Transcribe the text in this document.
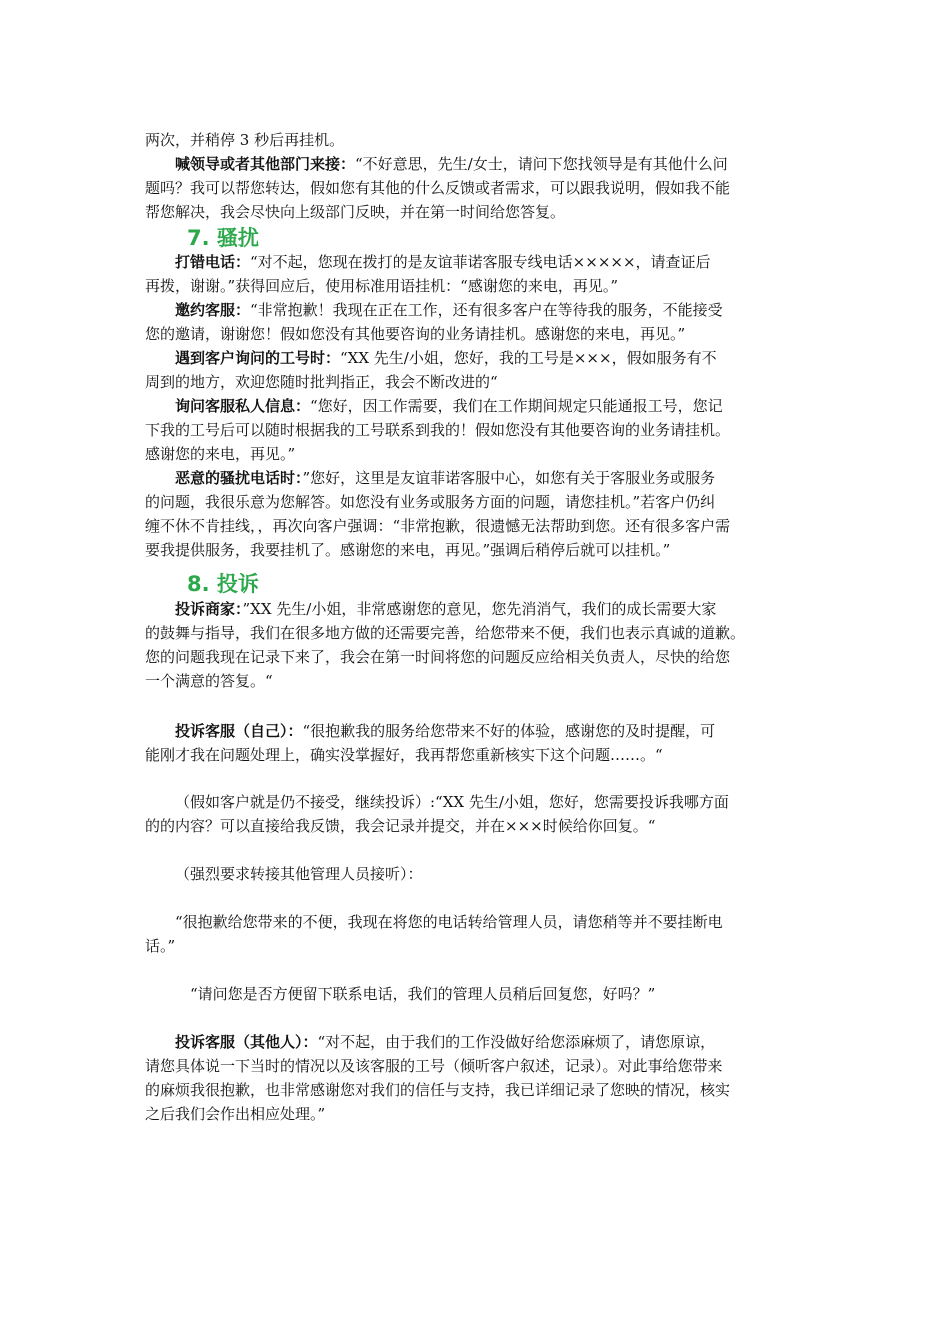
两次，并稍停 3 秒后再挂机。

喊领导或者其他部门来接：“不好意思，先生/女士，请问下您找领导是有其他什么问

题吗？我可以帮您转达，假如您有其他的什么反馈或者需求，可以跟我说明，假如我不能

帮您解决，我会尽快向上级部门反映，并在第一时间给您答复。

7. 骚扰

打错电话：“对不起，您现在拨打的是友谊菲诺客服专线电话×××××，请查证后

再拨，谢谢。”获得回应后，使用标准用语挂机：“感谢您的来电，再见。”

邀约客服：“非常抱歉！我现在正在工作，还有很多客户在等待我的服务，不能接受

您的邀请，谢谢您！假如您没有其他要咨询的业务请挂机。感谢您的来电，再见。”

遇到客户询问的工号时：“XX 先生/小姐，您好，我的工号是×××，假如服务有不

周到的地方，欢迎您随时批判指正，我会不断改进的“

询问客服私人信息：“您好，因工作需要，我们在工作期间规定只能通报工号，您记

下我的工号后可以随时根据我的工号联系到我的！假如您没有其他要咨询的业务请挂机。

感谢您的来电，再见。”

恶意的骚扰电话时：”您好，这里是友谊菲诺客服中心，如您有关于客服业务或服务

的问题，我很乐意为您解答。如您没有业务或服务方面的问题，请您挂机。”若客户仍纠

缠不休不肯挂线，，再次向客户强调：“非常抱歉，很遗憾无法帮助到您。还有很多客户需

要我提供服务，我要挂机了。感谢您的来电，再见。”强调后稍停后就可以挂机。”

8. 投诉

投诉商家：”XX 先生/小姐，非常感谢您的意见，您先消消气，我们的成长需要大家

的鼓舞与指导，我们在很多地方做的还需要完善，给您带来不便，我们也表示真诚的道歉。

您的问题我现在记录下来了，我会在第一时间将您的问题反应给相关负责人，尽快的给您

一个满意的答复。“

投诉客服（自己）：“很抱歉我的服务给您带来不好的体验，感谢您的及时提醒，可

能刚才我在问题处理上，确实没掌握好，我再帮您重新核实下这个问题……。“

（假如客户就是仍不接受，继续投诉）:“XX 先生/小姐，您好，您需要投诉我哪方面

的的内容？可以直接给我反馈，我会记录并提交，并在×××时候给你回复。“

（强烈要求转接其他管理人员接听）：

“很抱歉给您带来的不便，我现在将您的电话转给管理人员，请您稍等并不要挂断电

话。”

“请问您是否方便留下联系电话，我们的管理人员稍后回复您，好吗？”

投诉客服（其他人）：“对不起，由于我们的工作没做好给您添麻烦了，请您原谅，

请您具体说一下当时的情况以及该客服的工号（倾听客户叙述，记录）。对此事给您带来

的麻烦我很抱歉，也非常感谢您对我们的信任与支持，我已详细记录了您映的情况，核实

之后我们会作出相应处理。”
